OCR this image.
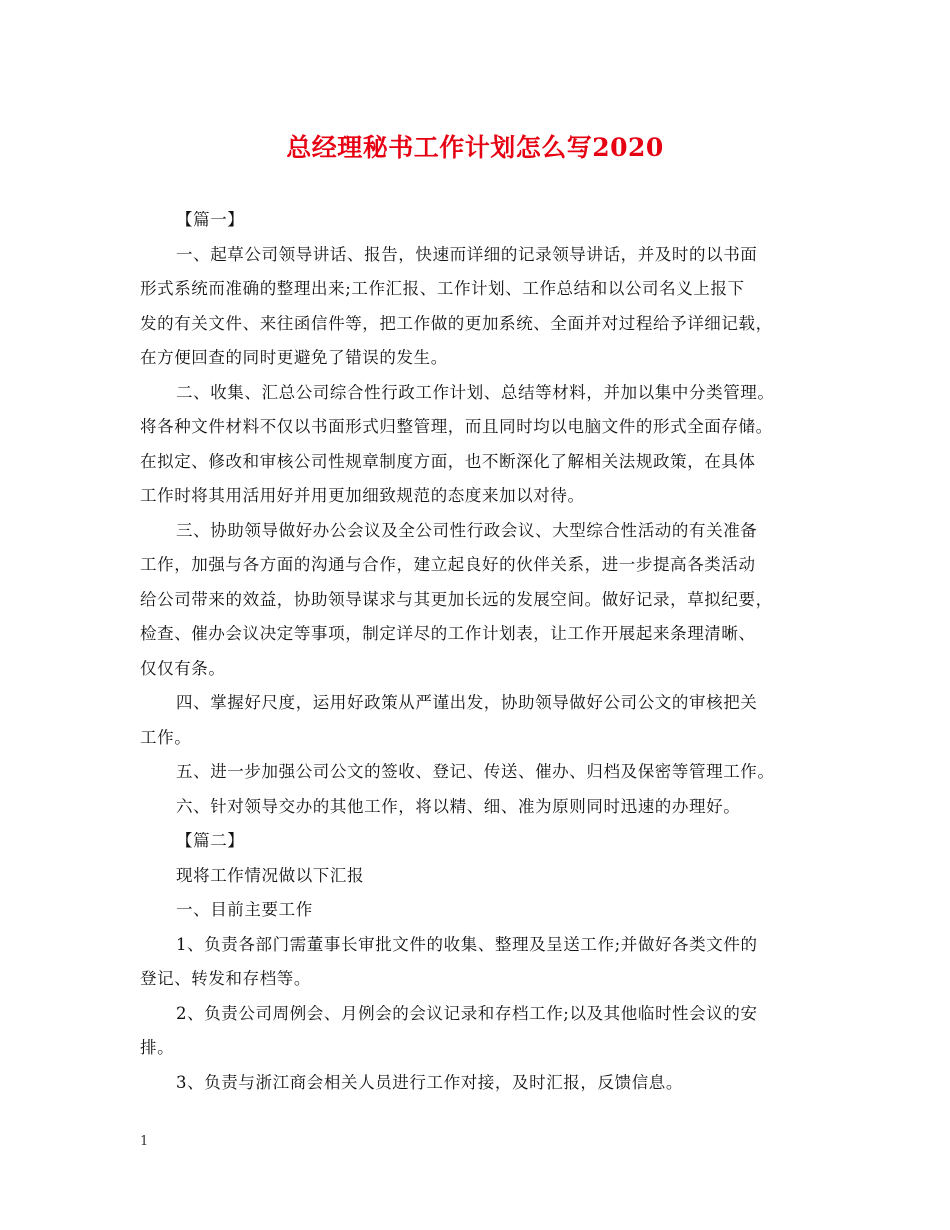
总经理秘书工作计划怎么写2020
【篇一】
一、起草公司领导讲话、报告，快速而详细的记录领导讲话，并及时的以书面
形式系统而准确的整理出来;工作汇报、工作计划、工作总结和以公司名义上报下
发的有关文件、来往函信件等，把工作做的更加系统、全面并对过程给予详细记载，
在方便回查的同时更避免了错误的发生。
二、收集、汇总公司综合性行政工作计划、总结等材料，并加以集中分类管理。
将各种文件材料不仅以书面形式归整管理，而且同时均以电脑文件的形式全面存储。
在拟定、修改和审核公司性规章制度方面，也不断深化了解相关法规政策，在具体
工作时将其用活用好并用更加细致规范的态度来加以对待。
三、协助领导做好办公会议及全公司性行政会议、大型综合性活动的有关准备
工作，加强与各方面的沟通与合作，建立起良好的伙伴关系，进一步提高各类活动
给公司带来的效益，协助领导谋求与其更加长远的发展空间。做好记录，草拟纪要，
检查、催办会议决定等事项，制定详尽的工作计划表，让工作开展起来条理清晰、
仅仅有条。
四、掌握好尺度，运用好政策从严谨出发，协助领导做好公司公文的审核把关
工作。
五、进一步加强公司公文的签收、登记、传送、催办、归档及保密等管理工作。
六、针对领导交办的其他工作，将以精、细、准为原则同时迅速的办理好。
【篇二】
现将工作情况做以下汇报
一、目前主要工作
1、负责各部门需董事长审批文件的收集、整理及呈送工作;并做好各类文件的
登记、转发和存档等。
2、负责公司周例会、月例会的会议记录和存档工作;以及其他临时性会议的安
排。
3、负责与浙江商会相关人员进行工作对接，及时汇报，反馈信息。
1
